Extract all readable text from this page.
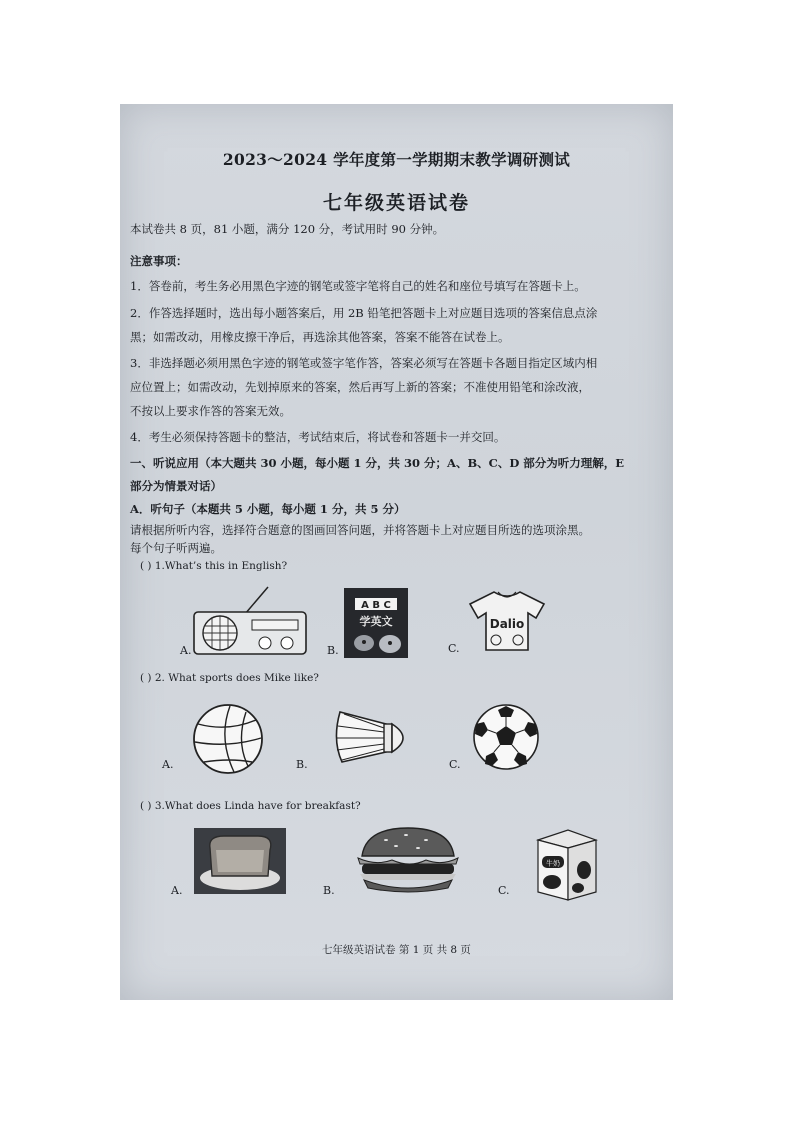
2023～2024 学年度第一学期期末教学调研测试
七年级英语试卷
本试卷共 8 页，81 小题，满分 120 分，考试用时 90 分钟。
注意事项：
1．答卷前，考生务必用黑色字迹的钢笔或签字笔将自己的姓名和座位号填写在答题卡上。
2．作答选择题时，选出每小题答案后，用 2B 铅笔把答题卡上对应题目选项的答案信息点涂
黑；如需改动，用橡皮擦干净后，再选涂其他答案，答案不能答在试卷上。
3．非选择题必须用黑色字迹的钢笔或签字笔作答，答案必须写在答题卡各题目指定区域内相
应位置上；如需改动，先划掉原来的答案，然后再写上新的答案；不准使用铅笔和涂改液，
不按以上要求作答的答案无效。
4．考生必须保持答题卡的整洁，考试结束后，将试卷和答题卡一并交回。
一、听说应用（本大题共 30 小题，每小题 1 分，共 30 分；A、B、C、D 部分为听力理解，E
部分为情景对话）
A．听句子（本题共 5 小题，每小题 1 分，共 5 分）
请根据所听内容，选择符合题意的图画回答问题，并将答题卡上对应题目所选的选项涂黑。
每个句子听两遍。
( ) 1.What’s this in English?
A.	B.	C.
A B C
学英文	Dalio
( ) 2. What sports does Mike like?
A.	B.	C.
( ) 3.What does Linda have for breakfast?
A.	B.	C.
牛奶
七年级英语试卷 第 1 页 共 8 页
